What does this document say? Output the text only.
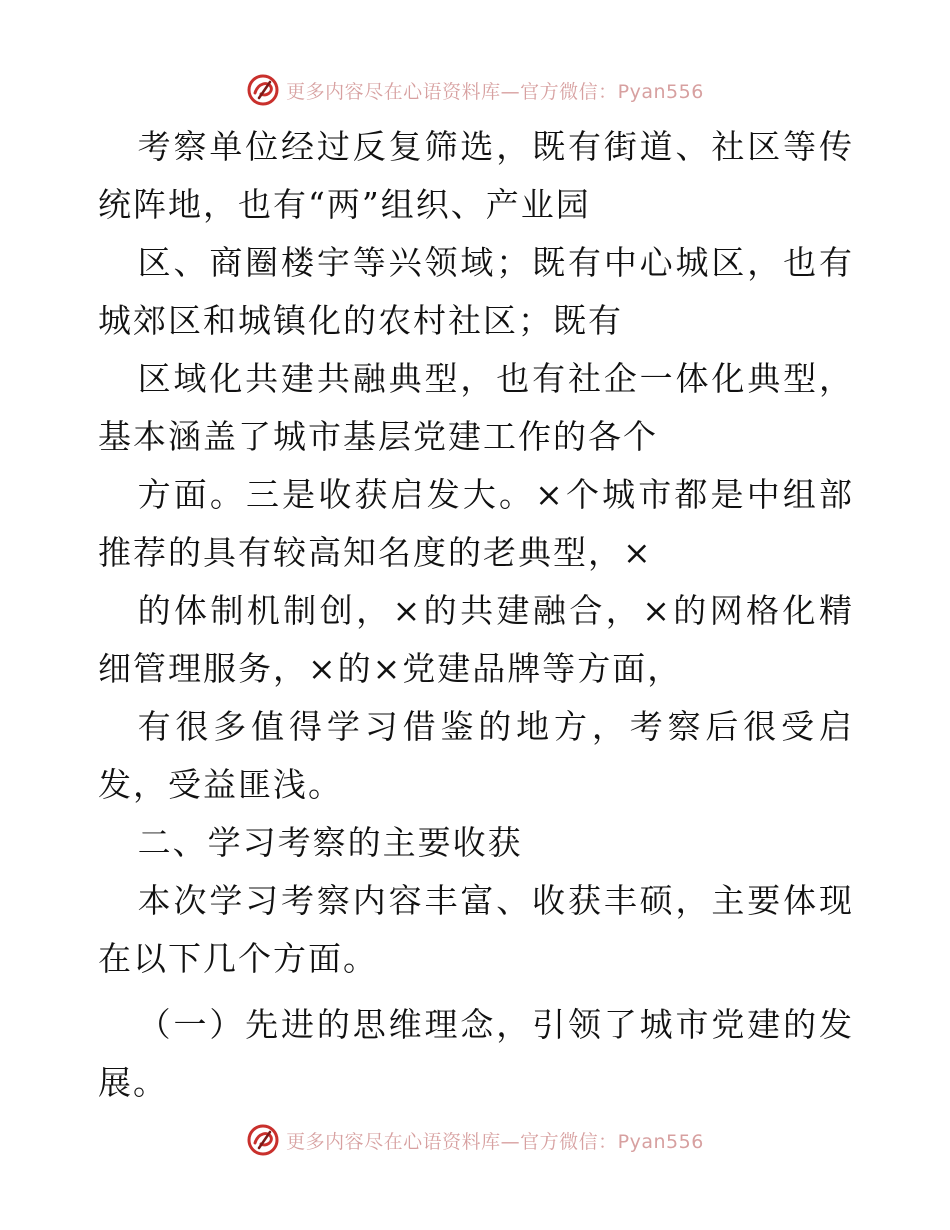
更多内容尽在心语资料库—官方微信：Pyan556

考察单位经过反复筛选，既有街道、社区等传统阵地，也有“两”组织、产业园

区、商圈楼宇等兴领域；既有中心城区，也有城郊区和城镇化的农村社区；既有

区域化共建共融典型，也有社企一体化典型，基本涵盖了城市基层党建工作的各个

方面。三是收获启发大。×个城市都是中组部推荐的具有较高知名度的老典型，×

的体制机制创，×的共建融合，×的网格化精细管理服务，×的×党建品牌等方面，

有很多值得学习借鉴的地方，考察后很受启发，受益匪浅。

二、学习考察的主要收获

本次学习考察内容丰富、收获丰硕，主要体现在以下几个方面。

（一）先进的思维理念，引领了城市党建的发展。

更多内容尽在心语资料库—官方微信：Pyan556
